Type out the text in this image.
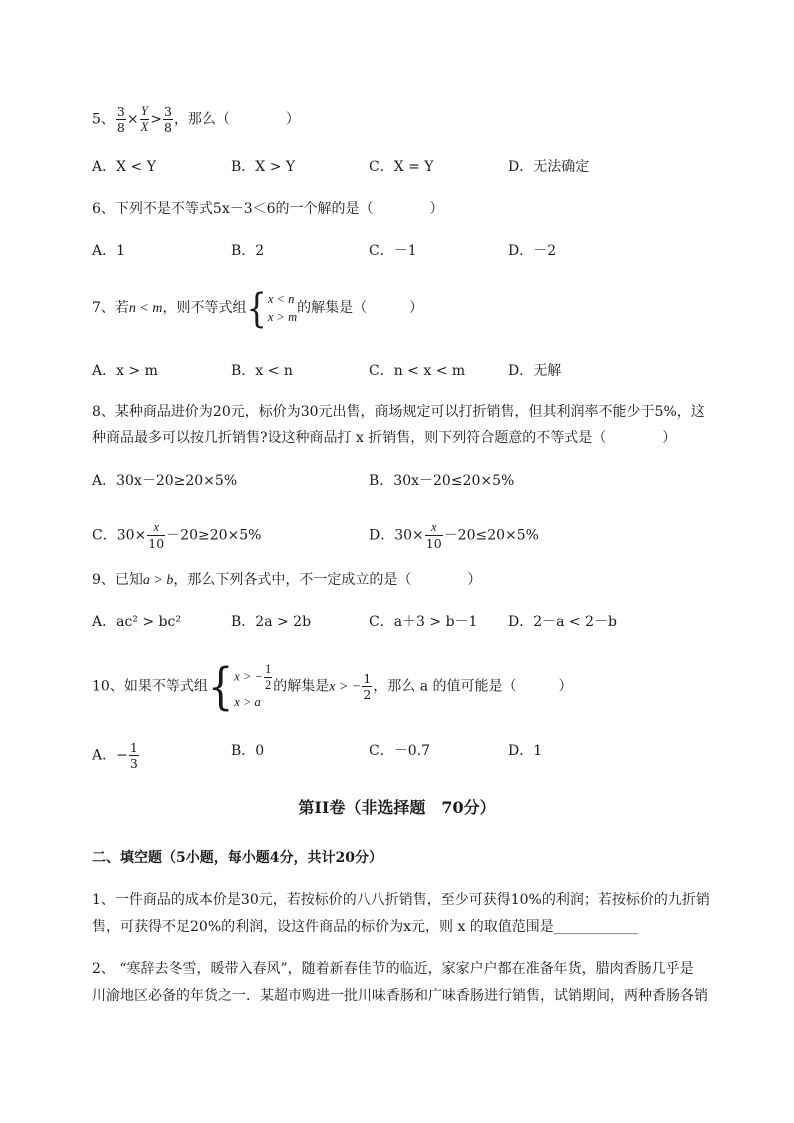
5、 $\frac{3}{8} \times \frac{Y}{X} > \frac{3}{8}$ ，那么（　　　　）
A．X < Y	B．X > Y	C．X = Y	D．无法确定
6、下列不是不等式5x－3＜6的一个解的是（　　　　）
A．1	B．2	C．－1	D．－2
7、若n < m，则不等式组{ x < n
x > m
的解集是（　　　）
A．x > m	B．x < n	C．n < x < m	D．无解
8、某种商品进价为20元，标价为30元出售，商场规定可以打折销售，但其利润率不能少于5%，这
种商品最多可以按几折销售?设这种商品打 x 折销售，则下列符合题意的不等式是（　　　　）
A．30x－20≥20×5%	B．30x－20≤20×5%
C．$30\times \frac{x}{10} -20\ge 20\times 5\%$	D．$30\times \frac{x}{10} -20\le 20\times 5\%$
9、已知a > b，那么下列各式中，不一定成立的是（　　　　）
A．ac² > bc²	B．2a > 2b	C．a＋3 > b－1 D．2－a < 2－b
10、如果不等式组{ x > − $\frac{1}{2}$
x > a
的解集是x > − $\frac{1}{2}$ ，那么 a 的值可能是（　　　）
A．− $\frac{1}{3}$	B．0	C．－0.7	D．1
第II卷（非选择题　70分）
二、填空题（5小题，每小题4分，共计20分）
1、一件商品的成本价是30元，若按标价的八八折销售，至少可获得10%的利润；若按标价的九折销
售，可获得不足20%的利润，设这件商品的标价为x元，则 x 的取值范围是____________
2、 “寒辞去冬雪，暖带入春风”，随着新春佳节的临近，家家户户都在准备年货，腊肉香肠几乎是
川渝地区必备的年货之一．某超市购进一批川味香肠和广味香肠进行销售，试销期间，两种香肠各销
